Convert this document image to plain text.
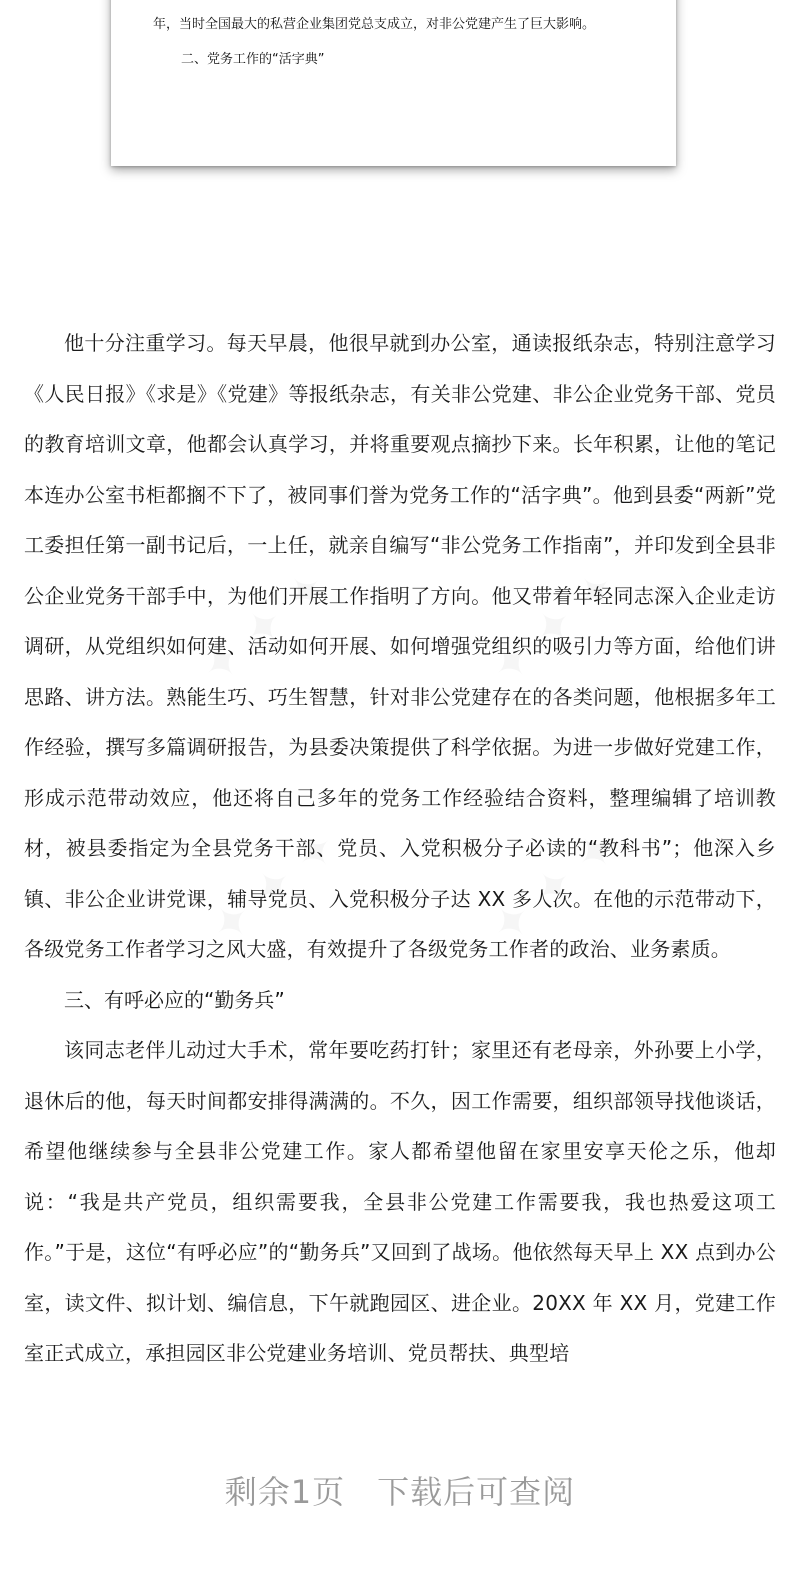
年，当时全国最大的私营企业集团党总支成立，对非公党建产生了巨大影响。
二、党务工作的“活字典”

他十分注重学习。每天早晨，他很早就到办公室，通读报纸杂志，特别注意学习《人民日报》《求是》《党建》等报纸杂志，有关非公党建、非公企业党务干部、党员的教育培训文章，他都会认真学习，并将重要观点摘抄下来。长年积累，让他的笔记本连办公室书柜都搁不下了，被同事们誉为党务工作的“活字典”。他到县委“两新”党工委担任第一副书记后，一上任，就亲自编写“非公党务工作指南”，并印发到全县非公企业党务干部手中，为他们开展工作指明了方向。他又带着年轻同志深入企业走访调研，从党组织如何建、活动如何开展、如何增强党组织的吸引力等方面，给他们讲思路、讲方法。熟能生巧、巧生智慧，针对非公党建存在的各类问题，他根据多年工作经验，撰写多篇调研报告，为县委决策提供了科学依据。为进一步做好党建工作，形成示范带动效应，他还将自己多年的党务工作经验结合资料，整理编辑了培训教材，被县委指定为全县党务干部、党员、入党积极分子必读的“教科书”；他深入乡镇、非公企业讲党课，辅导党员、入党积极分子达 XX 多人次。在他的示范带动下，各级党务工作者学习之风大盛，有效提升了各级党务工作者的政治、业务素质。

三、有呼必应的“勤务兵”

该同志老伴儿动过大手术，常年要吃药打针；家里还有老母亲，外孙要上小学，退休后的他，每天时间都安排得满满的。不久，因工作需要，组织部领导找他谈话，希望他继续参与全县非公党建工作。家人都希望他留在家里安享天伦之乐，他却说：“我是共产党员，组织需要我，全县非公党建工作需要我，我也热爱这项工作。”于是，这位“有呼必应”的“勤务兵”又回到了战场。他依然每天早上 XX 点到办公室，读文件、拟计划、编信息，下午就跑园区、进企业。20XX 年 XX 月，党建工作室正式成立，承担园区非公党建业务培训、党员帮扶、典型培

剩余1页 下载后可查阅
